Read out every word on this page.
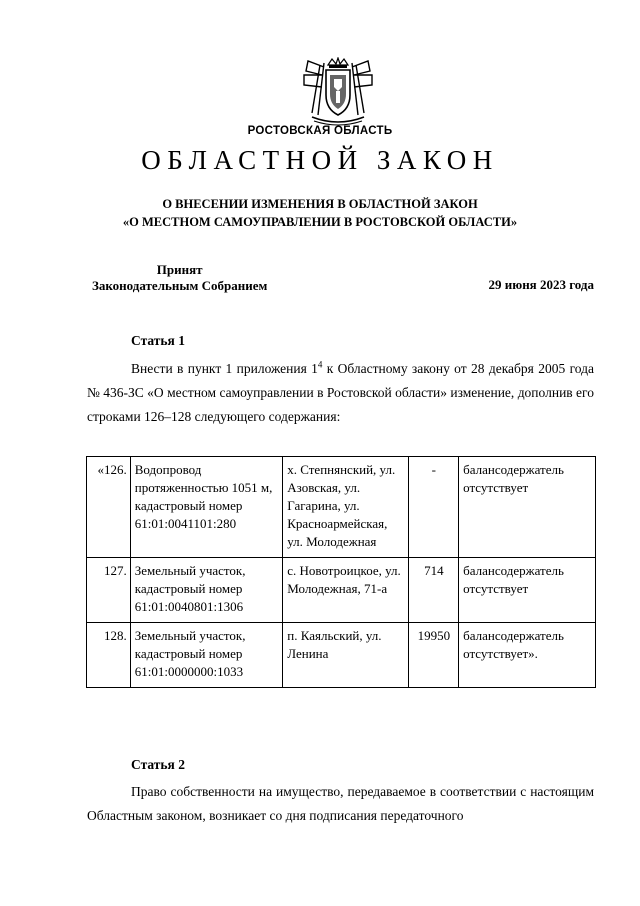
РОСТОВСКАЯ ОБЛАСТЬ
ОБЛАСТНОЙ ЗАКОН
О ВНЕСЕНИИ ИЗМЕНЕНИЯ В ОБЛАСТНОЙ ЗАКОН
«О МЕСТНОМ САМОУПРАВЛЕНИИ В РОСТОВСКОЙ ОБЛАСТИ»
Принят
Законодательным Собранием	29 июня 2023 года
Статья 1
Внести в пункт 1 приложения $1^4$ к Областному закону от 28 декабря 2005 года № 436-ЗС «О местном самоуправлении в Ростовской области» изменение, дополнив его строками 126–128 следующего содержания:
«126.	Водопровод протяженностью 1051 м, кадастровый номер 61:01:0041101:280	х. Степнянский, ул. Азовская, ул. Гагарина, ул. Красноармейская, ул. Молодежная	-	балансодержатель отсутствует
127.	Земельный участок, кадастровый номер 61:01:0040801:1306	с. Новотроицкое, ул. Молодежная, 71-а	714	балансодержатель отсутствует
128.	Земельный участок, кадастровый номер 61:01:0000000:1033	п. Каяльский, ул. Ленина	19950	балансодержатель отсутствует».
Статья 2
Право собственности на имущество, передаваемое в соответствии с настоящим Областным законом, возникает со дня подписания передаточного
